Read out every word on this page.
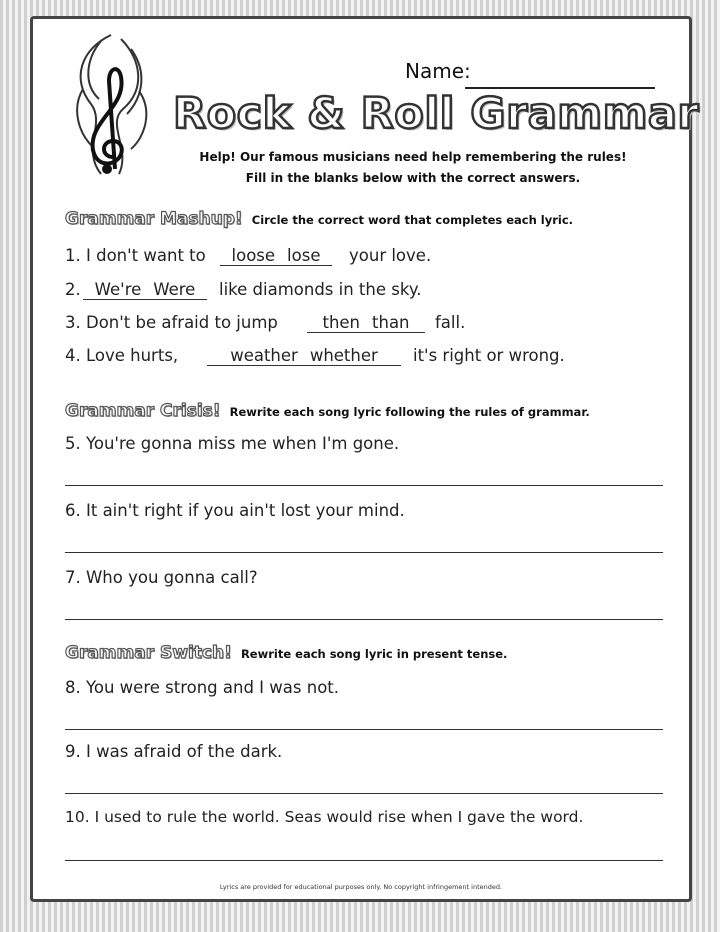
Name:
Rock & Roll Grammar
Help! Our famous musicians need help remembering the rules!
Fill in the blanks below with the correct answers.
Grammar Mashup! Circle the correct word that completes each lyric.
1. I don't want to	loose lose	your love.
2. We're Were	like diamonds in the sky.
3. Don't be afraid to jump	then than	fall.
4. Love hurts,	weather whether	it's right or wrong.
Grammar Crisis! Rewrite each song lyric following the rules of grammar.
5. You're gonna miss me when I'm gone.
6. It ain't right if you ain't lost your mind.
7. Who you gonna call?
Grammar Switch! Rewrite each song lyric in present tense.
8. You were strong and I was not.
9. I was afraid of the dark.
10. I used to rule the world. Seas would rise when I gave the word.
Lyrics are provided for educational purposes only. No copyright infringement intended.
